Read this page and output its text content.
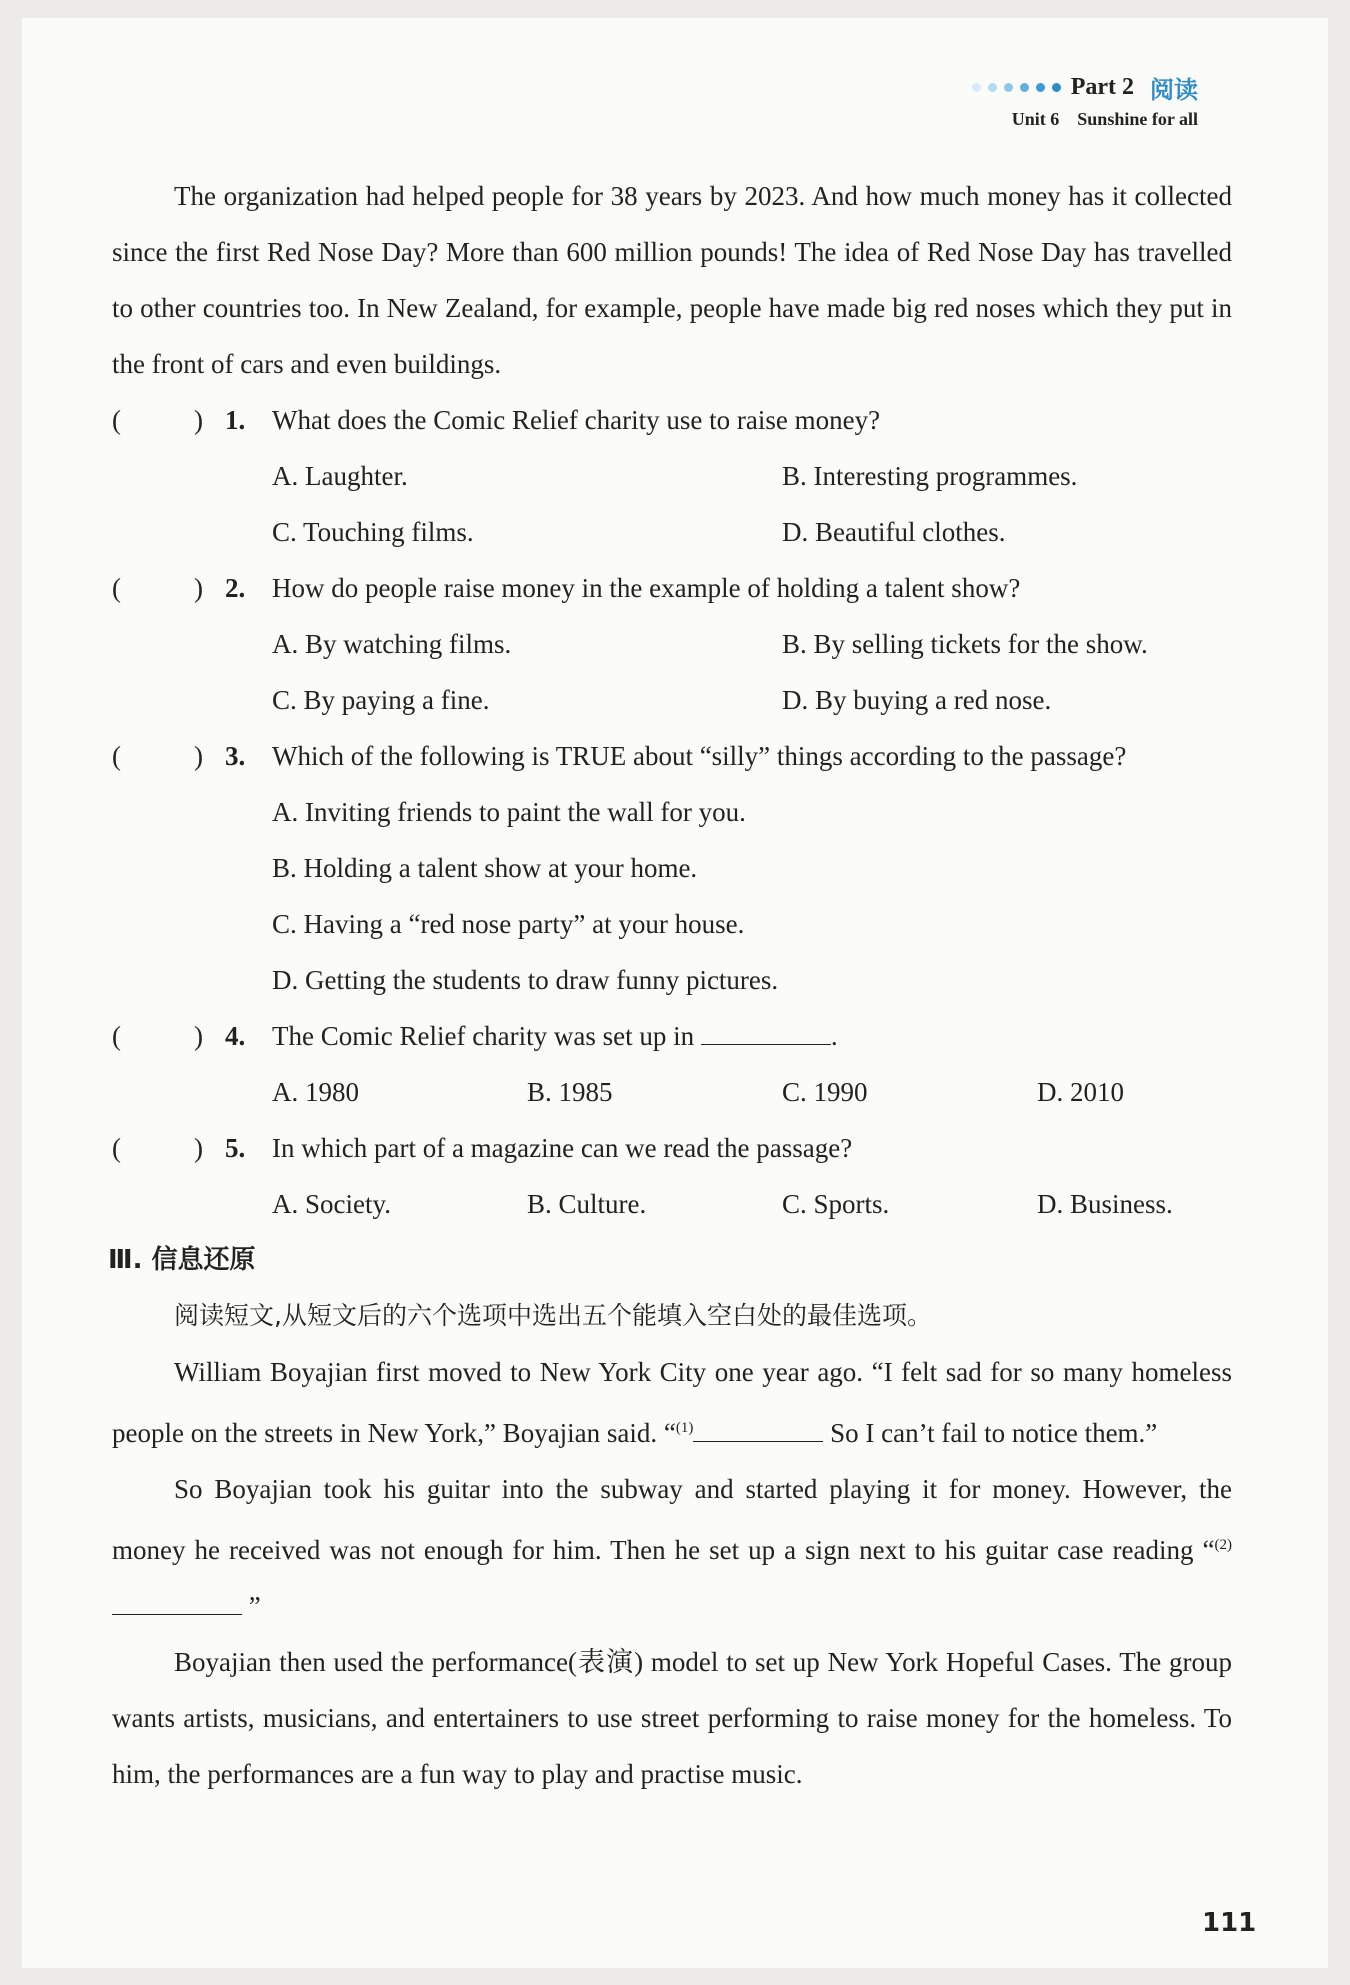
Part 2 阅读
Unit 6 Sunshine for all

The organization had helped people for 38 years by 2023. And how much money has it collected since the first Red Nose Day? More than 600 million pounds! The idea of Red Nose Day has travelled to other countries too. In New Zealand, for example, people have made big red noses which they put in the front of cars and even buildings.

(	) 1. What does the Comic Relief charity use to raise money?
A. Laughter.	B. Interesting programmes.
C. Touching films.	D. Beautiful clothes.
(	) 2. How do people raise money in the example of holding a talent show?
A. By watching films.	B. By selling tickets for the show.
C. By paying a fine.	D. By buying a red nose.
(	) 3. Which of the following is TRUE about “silly” things according to the passage?
A. Inviting friends to paint the wall for you.
B. Holding a talent show at your home.
C. Having a “red nose party” at your house.
D. Getting the students to draw funny pictures.
(	) 4. The Comic Relief charity was set up in	.
A. 1980	B. 1985	C. 1990	D. 2010
(	) 5. In which part of a magazine can we read the passage?
A. Society.	B. Culture.	C. Sports.	D. Business.
Ⅲ. 信息还原

阅读短文,从短文后的六个选项中选出五个能填入空白处的最佳选项。

William Boyajian first moved to New York City one year ago. “I felt sad for so many homeless people on the streets in New York,” Boyajian said. “$^{(1)}$	So I can’t fail to notice them.”

So Boyajian took his guitar into the subway and started playing it for money. However, the money he received was not enough for him. Then he set up a sign next to his guitar case reading “$^{(2)}$ ”

Boyajian then used the performance(表演) model to set up New York Hopeful Cases. The group wants artists, musicians, and entertainers to use street performing to raise money for the homeless. To him, the performances are a fun way to play and practise music.

111
